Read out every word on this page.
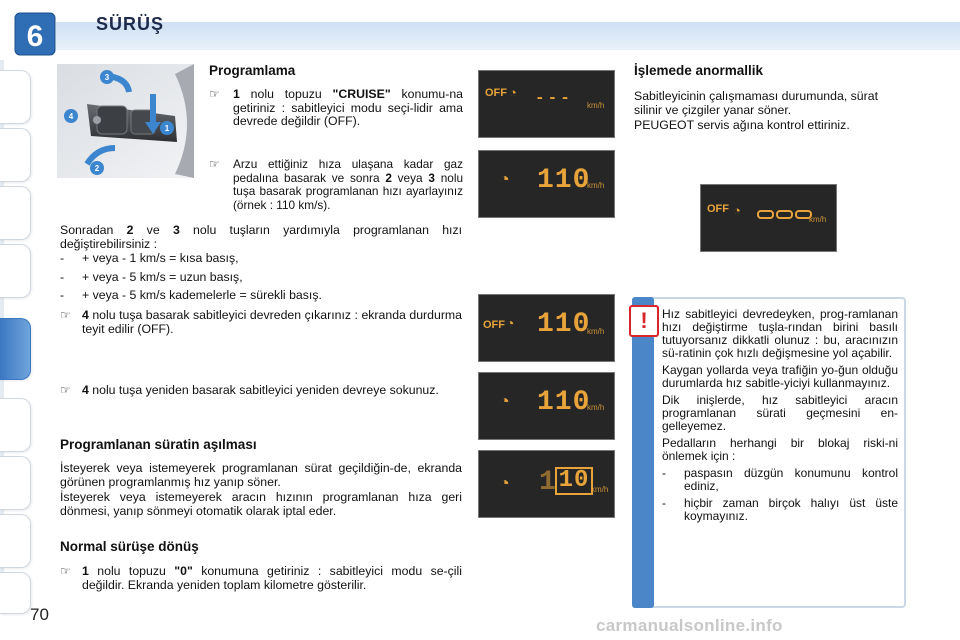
6	SÜRÜŞ
1
2
3
4
Programlama
☞ 1 nolu topuzu "CRUISE" konumu-na getiriniz : sabitleyici modu seçi-lidir ama devrede değildir (OFF).
☞ Arzu ettiğiniz hıza ulaşana kadar gaz pedalına basarak ve sonra 2 veya 3 nolu tuşa basarak programlanan hızı ayarlayınız (örnek : 110 km/s).
Sonradan 2 ve 3 nolu tuşların yardımıyla programlanan hızı değiştirebilirsiniz :
- + veya - 1 km/s = kısa basış,
- + veya - 5 km/s = uzun basış,
- + veya - 5 km/s kademelerle = sürekli basış.
☞ 4 nolu tuşa basarak sabitleyici devreden çıkarınız : ekranda durdurma teyit edilir (OFF).
☞ 4 nolu tuşa yeniden basarak sabitleyici yeniden devreye sokunuz.
Programlanan süratin aşılması
İsteyerek veya istemeyerek programlanan sürat geçildiğin-de, ekranda görünen programlanmış hız yanıp söner.
İsteyerek veya istemeyerek aracın hızının programlanan hıza geri dönmesi, yanıp sönmeyi otomatik olarak iptal eder.
Normal sürüşe dönüş
☞ 1 nolu topuzu "0" konumuna getiriniz : sabitleyici modu se-çili değildir. Ekranda yeniden toplam kilometre gösterilir.
OFF ◔ --- km/h
◔ 110
km/h
OFF ◔ 110
km/h
◔ 110
km/h
◔ 1 10 km/h
İşlemede anormallik
Sabitleyicinin çalışmaması durumunda, sürat silinir ve çizgiler yanar söner.
PEUGEOT servis ağına kontrol ettiriniz.
OFF ◔
km/h
!	Hız sabitleyici devredeyken, prog-ramlanan hızı değiştirme tuşla-rından birini basılı tutuyorsanız dikkatli olunuz : bu, aracınızın sü-ratinin çok hızlı değişmesine yol açabilir.
Kaygan yollarda veya trafiğin yo-ğun olduğu durumlarda hız sabitle-yiciyi kullanmayınız.
Dik inişlerde, hız sabitleyici aracın programlanan sürati geçmesini en-gelleyemez.
Pedalların herhangi bir blokaj riski-ni önlemek için :
-	paspasın düzgün konumunu kontrol ediniz,
-	hiçbir zaman birçok halıyı üst üste koymayınız.
70
carmanualsonline.info
